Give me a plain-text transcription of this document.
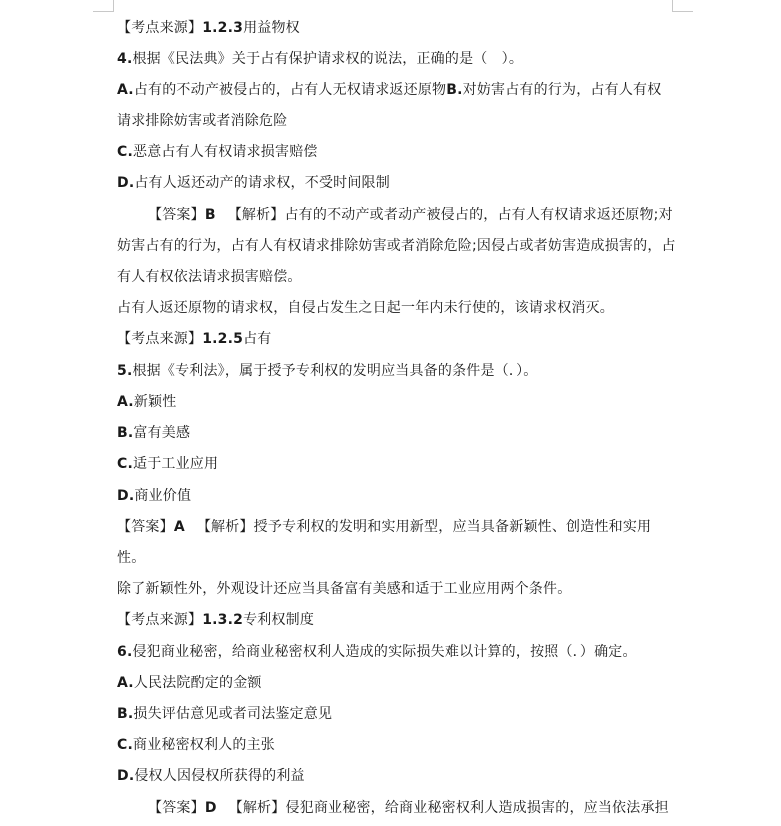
【考点来源】1.2.3用益物权
4.根据《民法典》关于占有保护请求权的说法，正确的是（　）。
A.占有的不动产被侵占的，占有人无权请求返还原物B.对妨害占有的行为，占有人有权
请求排除妨害或者消除危险
C.恶意占有人有权请求损害赔偿
D.占有人返还动产的请求权，不受时间限制
【答案】B 【解析】占有的不动产或者动产被侵占的，占有人有权请求返还原物;对
妨害占有的行为，占有人有权请求排除妨害或者消除危险;因侵占或者妨害造成损害的，占
有人有权依法请求损害赔偿。
占有人返还原物的请求权，自侵占发生之日起一年内未行使的，该请求权消灭。
【考点来源】1.2.5占有
5.根据《专利法》，属于授予专利权的发明应当具备的条件是（．）。
A.新颖性
B.富有美感
C.适于工业应用
D.商业价值
【答案】A 【解析】授予专利权的发明和实用新型，应当具备新颖性、创造性和实用
性。
除了新颖性外，外观设计还应当具备富有美感和适于工业应用两个条件。
【考点来源】1.3.2专利权制度
6.侵犯商业秘密，给商业秘密权利人造成的实际损失难以计算的，按照（．）确定。
A.人民法院酌定的金额
B.损失评估意见或者司法鉴定意见
C.商业秘密权利人的主张
D.侵权人因侵权所获得的利益
【答案】D 【解析】侵犯商业秘密，给商业秘密权利人造成损害的，应当依法承担
